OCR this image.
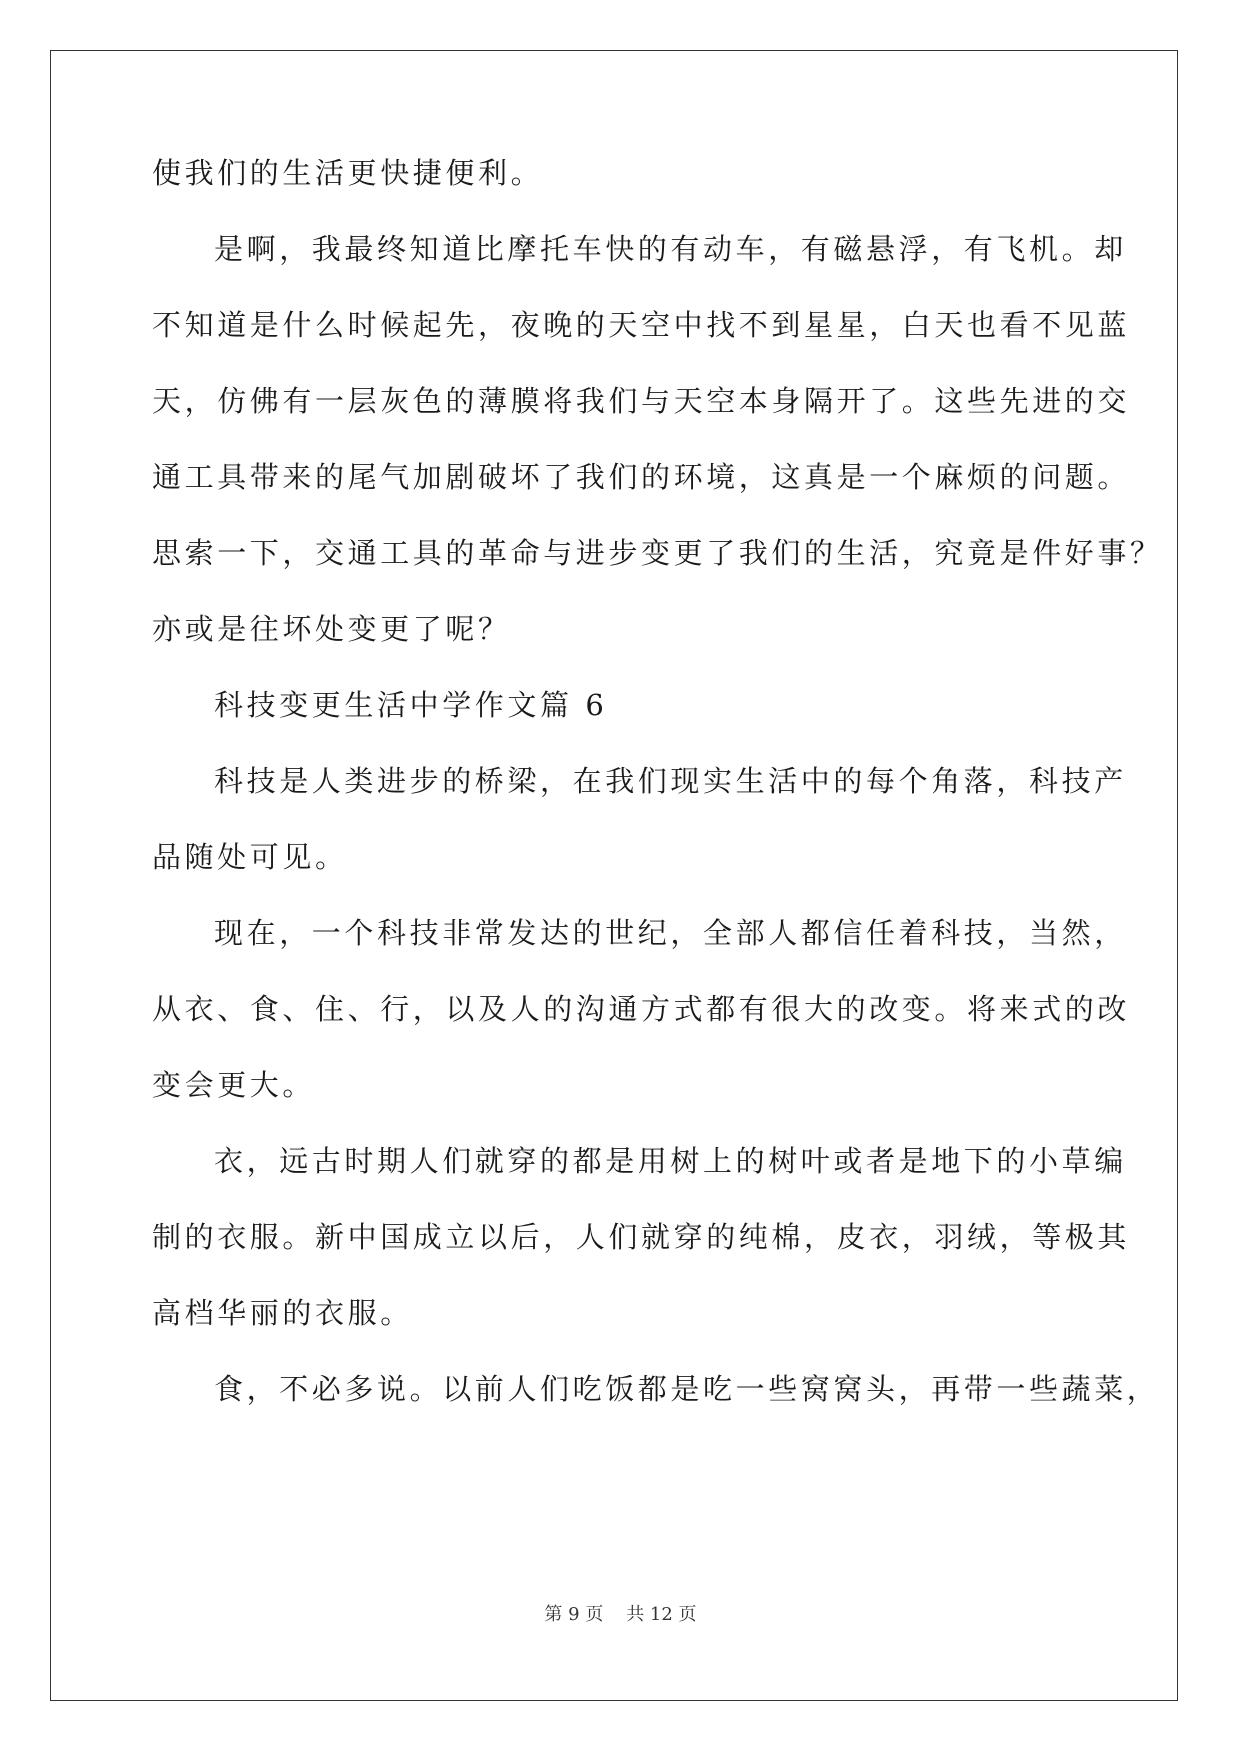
使我们的生活更快捷便利。
是啊，我最终知道比摩托车快的有动车，有磁悬浮，有飞机。却
不知道是什么时候起先，夜晚的天空中找不到星星，白天也看不见蓝
天，仿佛有一层灰色的薄膜将我们与天空本身隔开了。这些先进的交
通工具带来的尾气加剧破坏了我们的环境，这真是一个麻烦的问题。
思索一下，交通工具的革命与进步变更了我们的生活，究竟是件好事？
亦或是往坏处变更了呢？
科技变更生活中学作文篇 6
科技是人类进步的桥梁，在我们现实生活中的每个角落，科技产
品随处可见。
现在，一个科技非常发达的世纪，全部人都信任着科技，当然，
从衣、食、住、行，以及人的沟通方式都有很大的改变。将来式的改
变会更大。
衣，远古时期人们就穿的都是用树上的树叶或者是地下的小草编
制的衣服。新中国成立以后，人们就穿的纯棉，皮衣，羽绒，等极其
高档华丽的衣服。
食，不必多说。以前人们吃饭都是吃一些窝窝头，再带一些蔬菜，
第 9 页    共 12 页
